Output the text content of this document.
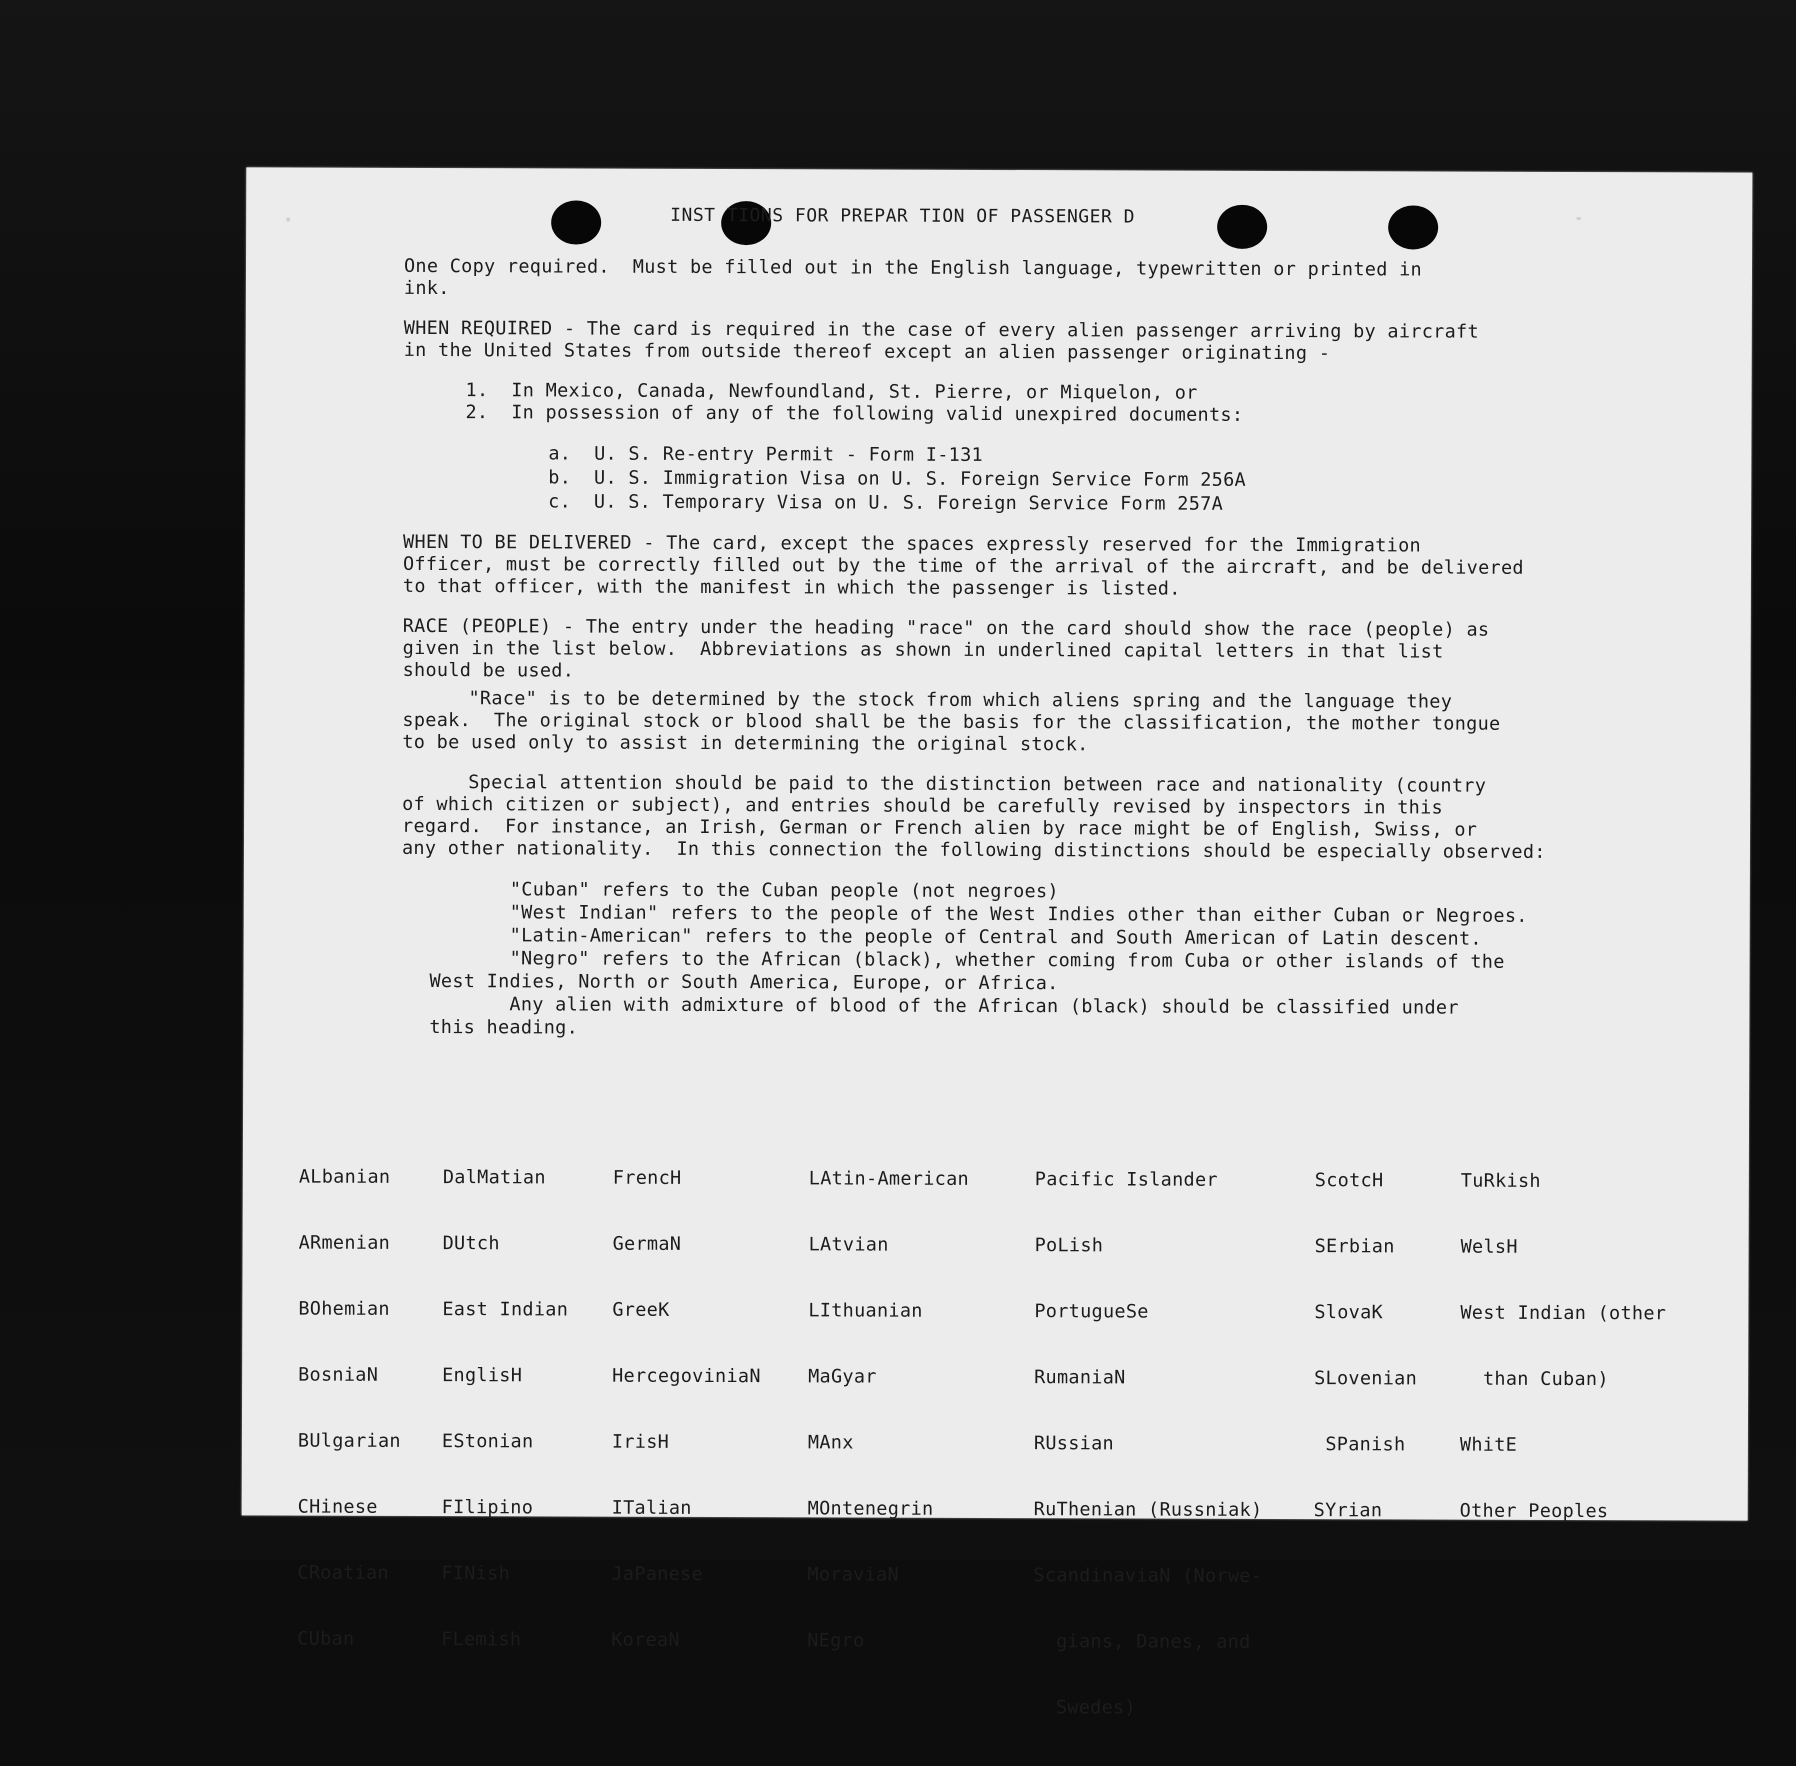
INST TIONS FOR PREPAR TION OF PASSENGER D

One Copy required.  Must be filled out in the English language, typewritten or printed in

ink.

WHEN REQUIRED - The card is required in the case of every alien passenger arriving by aircraft

in the United States from outside thereof except an alien passenger originating -

1.  In Mexico, Canada, Newfoundland, St. Pierre, or Miquelon, or

2.  In possession of any of the following valid unexpired documents:

a.  U. S. Re-entry Permit - Form I-131

b.  U. S. Immigration Visa on U. S. Foreign Service Form 256A

c.  U. S. Temporary Visa on U. S. Foreign Service Form 257A

WHEN TO BE DELIVERED - The card, except the spaces expressly reserved for the Immigration

Officer, must be correctly filled out by the time of the arrival of the aircraft, and be delivered

to that officer, with the manifest in which the passenger is listed.

RACE (PEOPLE) - The entry under the heading "race" on the card should show the race (people) as

given in the list below.  Abbreviations as shown in underlined capital letters in that list

should be used.

"Race" is to be determined by the stock from which aliens spring and the language they

speak.  The original stock or blood shall be the basis for the classification, the mother tongue

to be used only to assist in determining the original stock.

Special attention should be paid to the distinction between race and nationality (country

of which citizen or subject), and entries should be carefully revised by inspectors in this

regard.  For instance, an Irish, German or French alien by race might be of English, Swiss, or

any other nationality.  In this connection the following distinctions should be especially observed:

"Cuban" refers to the Cuban people (not negroes)

"West Indian" refers to the people of the West Indies other than either Cuban or Negroes.

"Latin-American" refers to the people of Central and South American of Latin descent.

"Negro" refers to the African (black), whether coming from Cuba or other islands of the

West Indies, North or South America, Europe, or Africa.

Any alien with admixture of blood of the African (black) should be classified under

this heading.

ALbanian

ARmenian

BOhemian

BosniaN

BUlgarian

CHinese

CRoatian

CUban

DalMatian

DUtch

East Indian

EnglisH

EStonian

FIlipino

FINish

FLemish

FrencH

GermaN

GreeK

HercegoviniaN

IrisH

ITalian

JaPanese

KoreaN

LAtin-American

LAtvian

LIthuanian

MaGyar

MAnx

MOntenegrin

MoraviaN

NEgro

Pacific Islander

PoLish

PortugueSe

RumaniaN

RUssian

RuThenian (Russniak)

ScandinaviaN (Norwe-

gians, Danes, and

Swedes)

ScotcH

SErbian

SlovaK

SLovenian

SPanish

SYrian

TuRkish

WelsH

West Indian (other

than Cuban)

WhitE

Other Peoples
